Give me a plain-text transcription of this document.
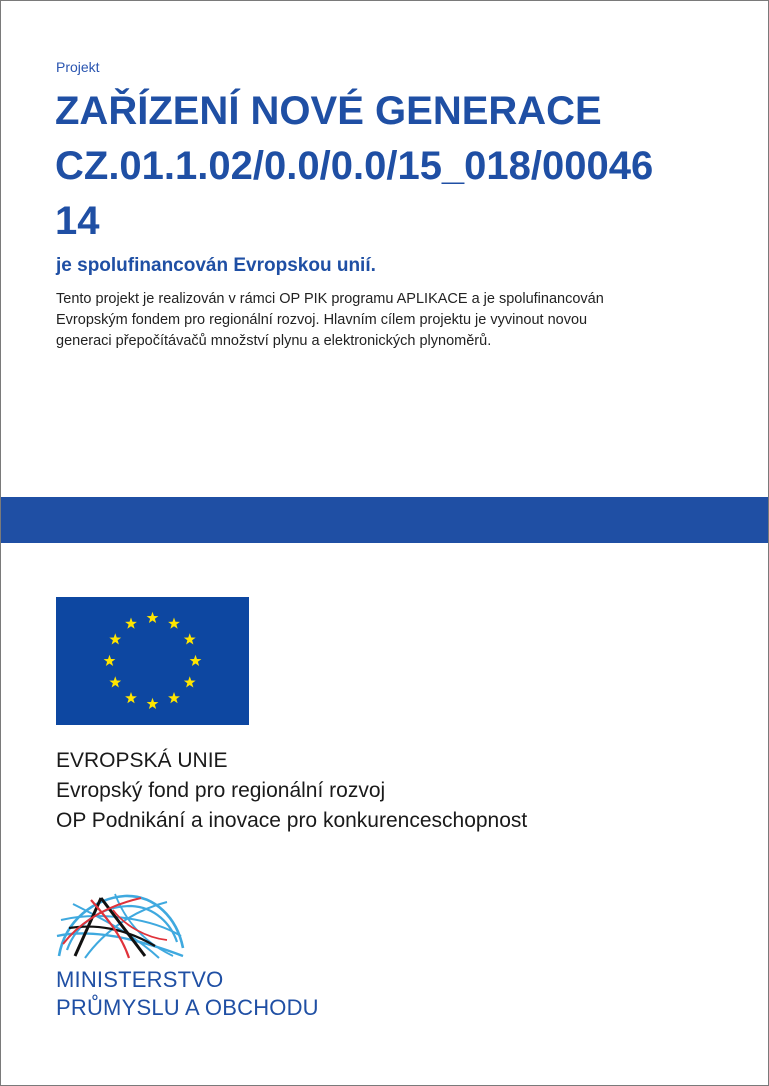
Projekt
ZAŘÍZENÍ NOVÉ GENERACE
CZ.01.1.02/0.0/0.0/15_018/00046
14
je spolufinancován Evropskou unií.

Tento projekt je realizován v rámci OP PIK programu APLIKACE a je spolufinancován
Evropským fondem pro regionální rozvoj. Hlavním cílem projektu je vyvinout novou
generaci přepočítávačů množství plynu a elektronických plynoměrů.

EVROPSKÁ UNIE
Evropský fond pro regionální rozvoj
OP Podnikání a inovace pro konkurenceschopnost
MINISTERSTVO
PRŮMYSLU A OBCHODU
